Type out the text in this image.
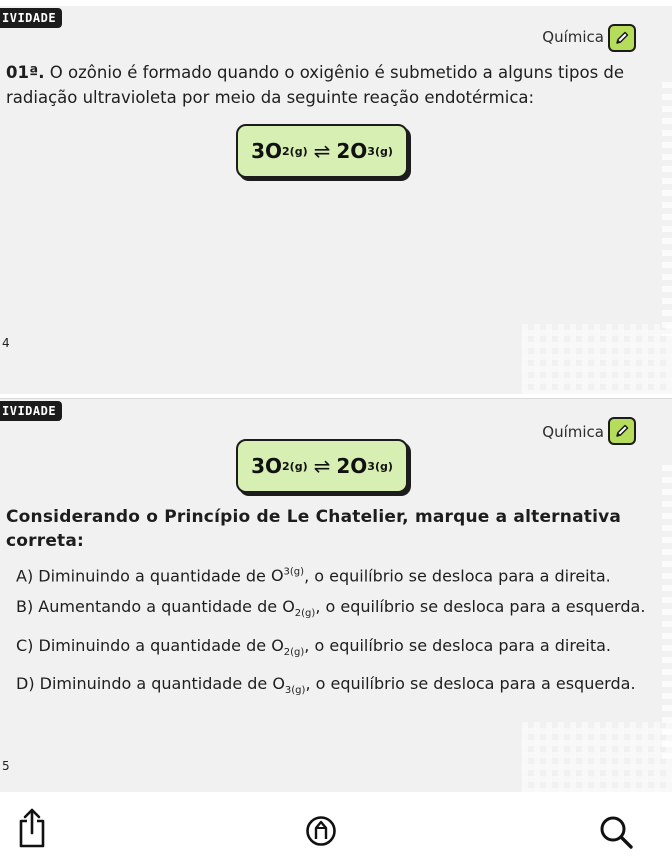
IVIDADE
Química
01ª. O ozônio é formado quando o oxigênio é submetido a alguns tipos de radiação ultravioleta por meio da seguinte reação endotérmica:
3O 2(g) ⇌ 2O 3(g)
4
IVIDADE
Química
3O 2(g) ⇌ 2O 3(g)
Considerando o Princípio de Le Chatelier, marque a alternativa correta:
A) Diminuindo a quantidade de $O^{3(g)}$, o equilíbrio se desloca para a direita.
B) Aumentando a quantidade de $O_{2(g)}$, o equilíbrio se desloca para a esquerda.
C) Diminuindo a quantidade de $O_{2(g)}$, o equilíbrio se desloca para a direita.
D) Diminuindo a quantidade de $O_{3(g)}$, o equilíbrio se desloca para a esquerda.
5
